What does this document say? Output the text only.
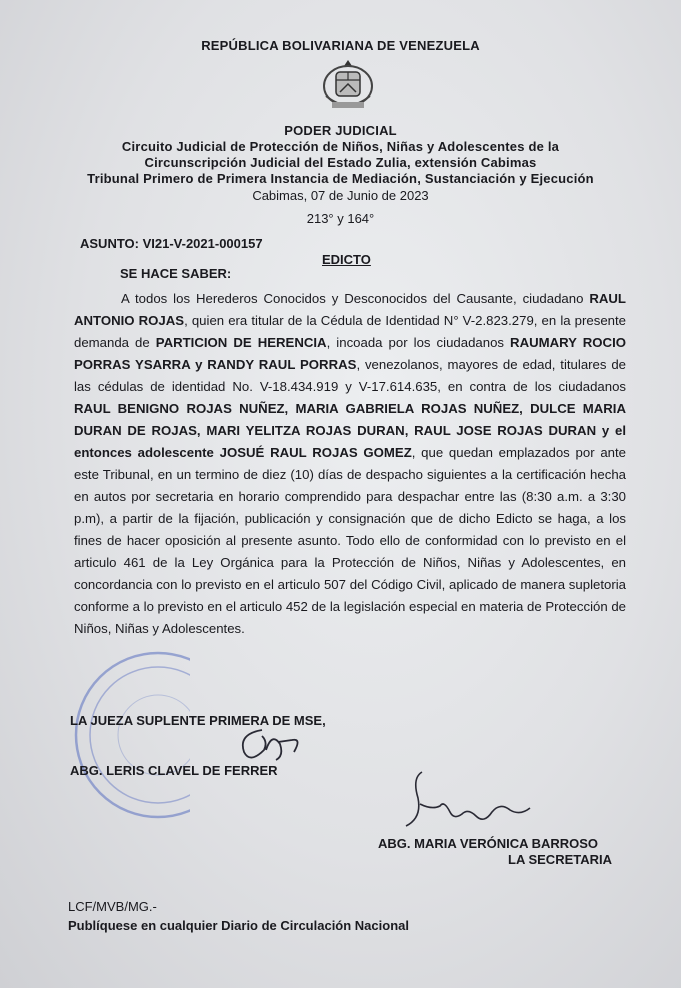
REPÚBLICA BOLIVARIANA DE VENEZUELA
PODER JUDICIAL
Circuito Judicial de Protección de Niños, Niñas y Adolescentes de la
Circunscripción Judicial del Estado Zulia, extensión Cabimas
Tribunal Primero de Primera Instancia de Mediación, Sustanciación y Ejecución
Cabimas, 07 de Junio de 2023
213° y 164°
ASUNTO: VI21-V-2021-000157
EDICTO
SE HACE SABER:

A todos los Herederos Conocidos y Desconocidos del Causante, ciudadano RAUL ANTONIO ROJAS, quien era titular de la Cédula de Identidad N° V-2.823.279, en la presente demanda de PARTICION DE HERENCIA, incoada por los ciudadanos RAUMARY ROCIO PORRAS YSARRA y RANDY RAUL PORRAS, venezolanos, mayores de edad, titulares de las cédulas de identidad No. V-18.434.919 y V-17.614.635, en contra de los ciudadanos RAUL BENIGNO ROJAS NUÑEZ, MARIA GABRIELA ROJAS NUÑEZ, DULCE MARIA DURAN DE ROJAS, MARI YELITZA ROJAS DURAN, RAUL JOSE ROJAS DURAN y el entonces adolescente JOSUÉ RAUL ROJAS GOMEZ, que quedan emplazados por ante este Tribunal, en un termino de diez (10) días de despacho siguientes a la certificación hecha en autos por secretaria en horario comprendido para despachar entre las (8:30 a.m. a 3:30 p.m), a partir de la fijación, publicación y consignación que de dicho Edicto se haga, a los fines de hacer oposición al presente asunto. Todo ello de conformidad con lo previsto en el articulo 461 de la Ley Orgánica para la Protección de Niños, Niñas y Adolescentes, en concordancia con lo previsto en el articulo 507 del Código Civil, aplicado de manera supletoria conforme a lo previsto en el articulo 452 de la legislación especial en materia de Protección de Niños, Niñas y Adolescentes.

LA JUEZA SUPLENTE PRIMERA DE MSE,
ABG. LERIS CLAVEL DE FERRER
ABG. MARIA VERÓNICA BARROSO
LA SECRETARIA
LCF/MVB/MG.-
Publíquese en cualquier Diario de Circulación Nacional
